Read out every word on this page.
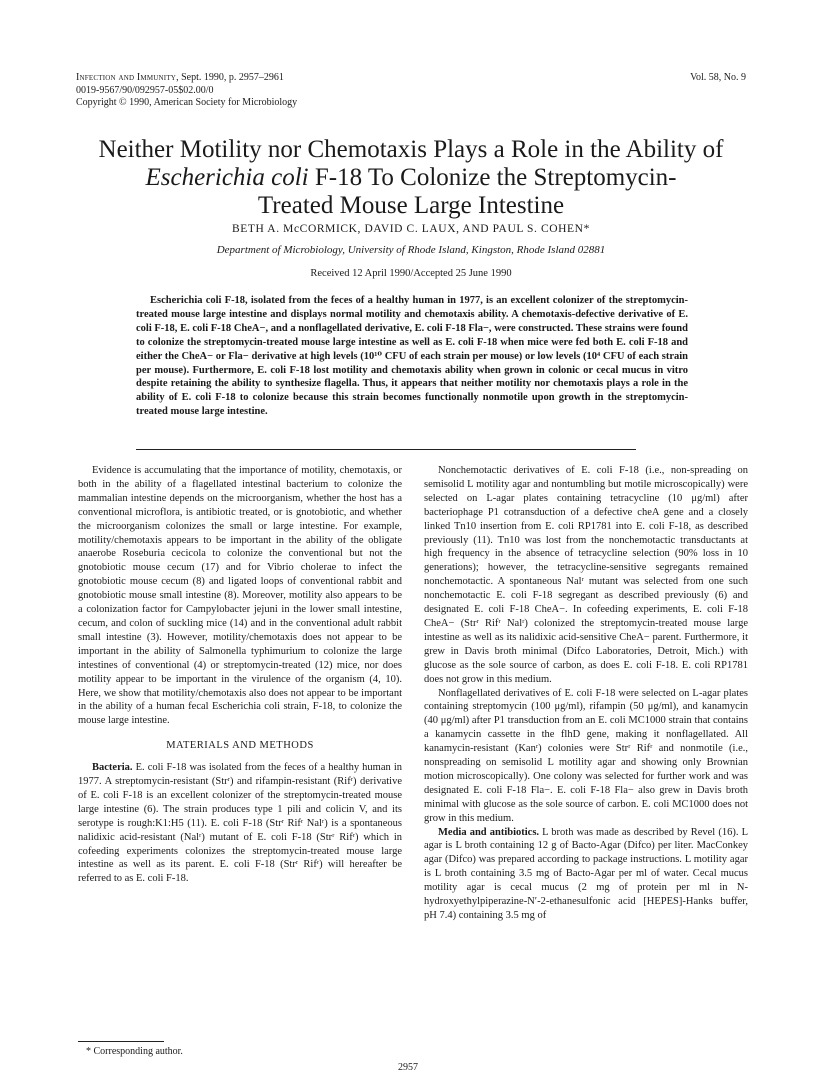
Infection and Immunity, Sept. 1990, p. 2957–2961
0019-9567/90/092957-05$02.00/0
Copyright © 1990, American Society for Microbiology
Vol. 58, No. 9
Neither Motility nor Chemotaxis Plays a Role in the Ability of
Escherichia coli F-18 To Colonize the Streptomycin-
Treated Mouse Large Intestine
BETH A. McCORMICK, DAVID C. LAUX, AND PAUL S. COHEN*
Department of Microbiology, University of Rhode Island, Kingston, Rhode Island 02881
Received 12 April 1990/Accepted 25 June 1990

Escherichia coli F-18, isolated from the feces of a healthy human in 1977, is an excellent colonizer of the streptomycin-treated mouse large intestine and displays normal motility and chemotaxis ability. A chemotaxis-defective derivative of E. coli F-18, E. coli F-18 CheA−, and a nonflagellated derivative, E. coli F-18 Fla−, were constructed. These strains were found to colonize the streptomycin-treated mouse large intestine as well as E. coli F-18 when mice were fed both E. coli F-18 and either the CheA− or Fla− derivative at high levels (10¹⁰ CFU of each strain per mouse) or low levels (10⁴ CFU of each strain per mouse). Furthermore, E. coli F-18 lost motility and chemotaxis ability when grown in colonic or cecal mucus in vitro despite retaining the ability to synthesize flagella. Thus, it appears that neither motility nor chemotaxis plays a role in the ability of E. coli F-18 to colonize because this strain becomes functionally nonmotile upon growth in the streptomycin-treated mouse large intestine.

Evidence is accumulating that the importance of motility, chemotaxis, or both in the ability of a flagellated intestinal bacterium to colonize the mammalian intestine depends on the microorganism, whether the host has a conventional microflora, is antibiotic treated, or is gnotobiotic, and whether the microorganism colonizes the small or large intestine. For example, motility/chemotaxis appears to be important in the ability of the obligate anaerobe Roseburia cecicola to colonize the conventional but not the gnotobiotic mouse cecum (17) and for Vibrio cholerae to infect the gnotobiotic mouse cecum (8) and ligated loops of conventional rabbit and gnotobiotic mouse small intestine (8). Moreover, motility also appears to be a colonization factor for Campylobacter jejuni in the lower small intestine, cecum, and colon of suckling mice (14) and in the conventional adult rabbit small intestine (3). However, motility/chemotaxis does not appear to be important in the ability of Salmonella typhimurium to colonize the large intestines of conventional (4) or streptomycin-treated (12) mice, nor does motility appear to be important in the virulence of the organism (4, 10). Here, we show that motility/chemotaxis also does not appear to be important in the ability of a human fecal Escherichia coli strain, F-18, to colonize the mouse large intestine.

MATERIALS AND METHODS

Bacteria. E. coli F-18 was isolated from the feces of a healthy human in 1977. A streptomycin-resistant (Strʳ) and rifampin-resistant (Rifʳ) derivative of E. coli F-18 is an excellent colonizer of the streptomycin-treated mouse large intestine (6). The strain produces type 1 pili and colicin V, and its serotype is rough:K1:H5 (11). E. coli F-18 (Strʳ Rifʳ Nalʳ) is a spontaneous nalidixic acid-resistant (Nalʳ) mutant of E. coli F-18 (Strʳ Rifʳ) which in cofeeding experiments colonizes the streptomycin-treated mouse large intestine as well as its parent. E. coli F-18 (Strʳ Rifʳ) will hereafter be referred to as E. coli F-18.

Nonchemotactic derivatives of E. coli F-18 (i.e., non-spreading on semisolid L motility agar and nontumbling but motile microscopically) were selected on L-agar plates containing tetracycline (10 μg/ml) after bacteriophage P1 cotransduction of a defective cheA gene and a closely linked Tn10 insertion from E. coli RP1781 into E. coli F-18, as described previously (11). Tn10 was lost from the nonchemotactic transductants at high frequency in the absence of tetracycline selection (90% loss in 10 generations); however, the tetracycline-sensitive segregants remained nonchemotactic. A spontaneous Nalʳ mutant was selected from one such nonchemotactic E. coli F-18 segregant as described previously (6) and designated E. coli F-18 CheA−. In cofeeding experiments, E. coli F-18 CheA− (Strʳ Rifʳ Nalʳ) colonized the streptomycin-treated mouse large intestine as well as its nalidixic acid-sensitive CheA− parent. Furthermore, it grew in Davis broth minimal (Difco Laboratories, Detroit, Mich.) with glucose as the sole source of carbon, as does E. coli F-18. E. coli RP1781 does not grow in this medium.

Nonflagellated derivatives of E. coli F-18 were selected on L-agar plates containing streptomycin (100 μg/ml), rifampin (50 μg/ml), and kanamycin (40 μg/ml) after P1 transduction from an E. coli MC1000 strain that contains a kanamycin cassette in the flhD gene, making it nonflagellated. All kanamycin-resistant (Kanʳ) colonies were Strʳ Rifʳ and nonmotile (i.e., nonspreading on semisolid L motility agar and showing only Brownian motion microscopically). One colony was selected for further work and was designated E. coli F-18 Fla−. E. coli F-18 Fla− also grew in Davis broth minimal with glucose as the sole source of carbon. E. coli MC1000 does not grow in this medium.

Media and antibiotics. L broth was made as described by Revel (16). L agar is L broth containing 12 g of Bacto-Agar (Difco) per liter. MacConkey agar (Difco) was prepared according to package instructions. L motility agar is L broth containing 3.5 mg of Bacto-Agar per ml of water. Cecal mucus motility agar is cecal mucus (2 mg of protein per ml in N-hydroxyethylpiperazine-N′-2-ethanesulfonic acid [HEPES]-Hanks buffer, pH 7.4) containing 3.5 mg of

* Corresponding author.
2957
